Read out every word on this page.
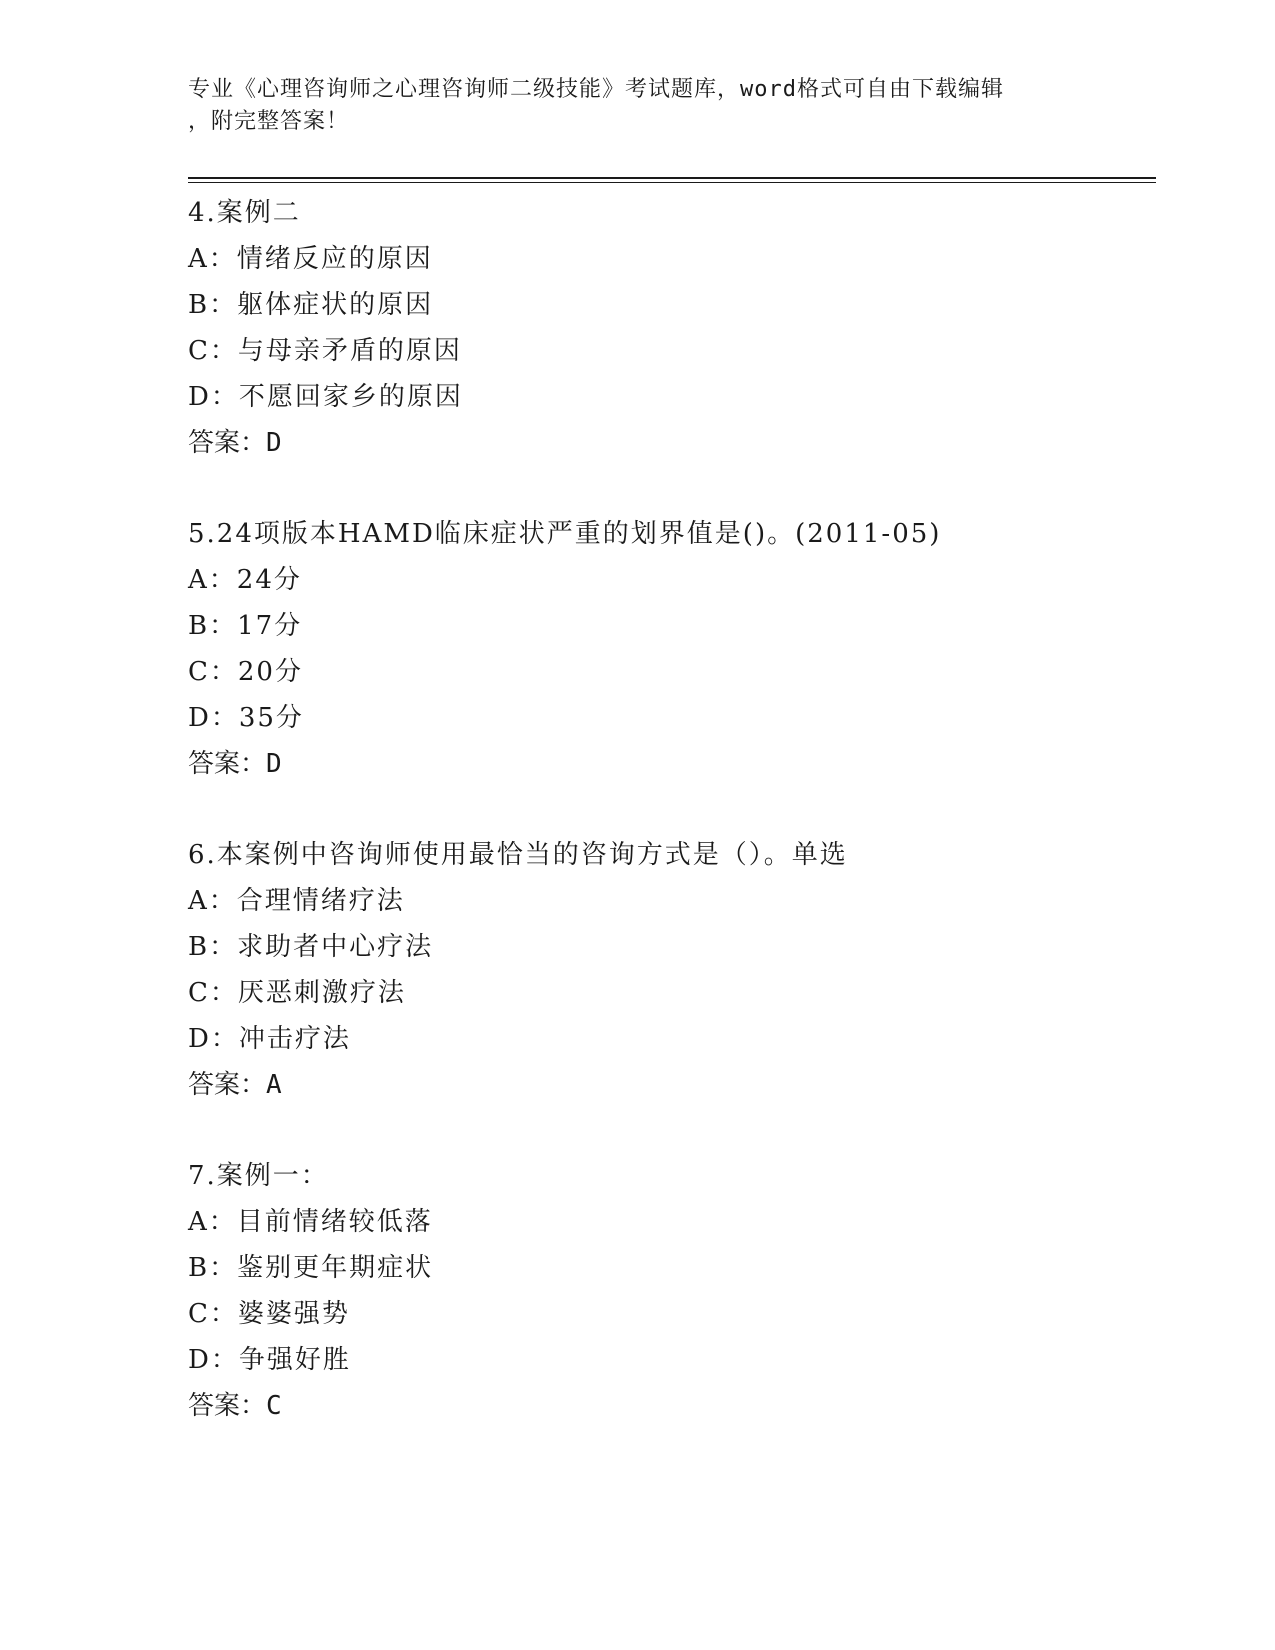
专业《心理咨询师之心理咨询师二级技能》考试题库，word格式可自由下载编辑
，附完整答案！
4.案例二
A：情绪反应的原因
B：躯体症状的原因
C：与母亲矛盾的原因
D：不愿回家乡的原因
答案：D
5.24项版本HAMD临床症状严重的划界值是()。(2011-05)
A：24分
B：17分
C：20分
D：35分
答案：D
6.本案例中咨询师使用最恰当的咨询方式是（）。单选
A：合理情绪疗法
B：求助者中心疗法
C：厌恶刺激疗法
D：冲击疗法
答案：A
7.案例一：
A：目前情绪较低落
B：鉴别更年期症状
C：婆婆强势
D：争强好胜
答案：C
